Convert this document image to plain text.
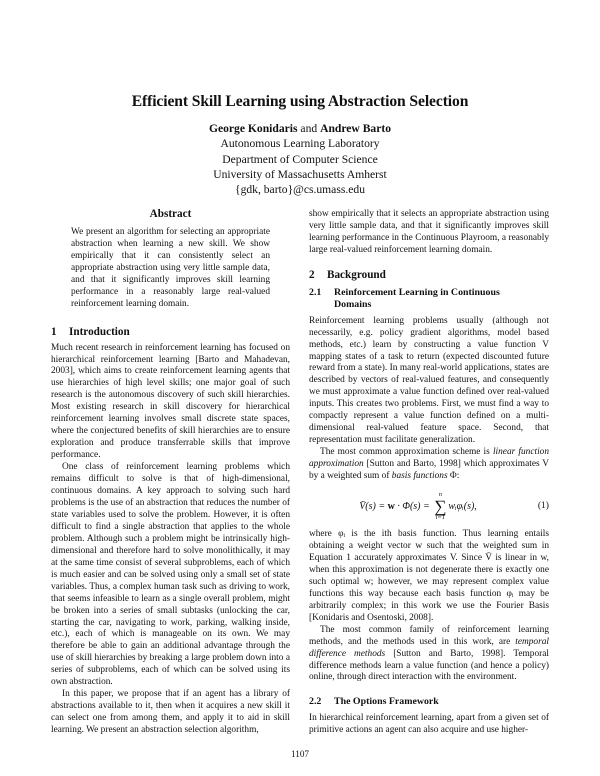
Efficient Skill Learning using Abstraction Selection
George Konidaris and Andrew Barto
Autonomous Learning Laboratory
Department of Computer Science
University of Massachusetts Amherst
{gdk, barto}@cs.umass.edu
Abstract

We present an algorithm for selecting an appropriate abstraction when learning a new skill. We show empirically that it can consistently select an appropriate abstraction using very little sample data, and that it significantly improves skill learning performance in a reasonably large real-valued reinforcement learning domain.

1 Introduction

Much recent research in reinforcement learning has focused on hierarchical reinforcement learning [Barto and Mahadevan, 2003], which aims to create reinforcement learning agents that use hierarchies of high level skills; one major goal of such research is the autonomous discovery of such skill hierarchies. Most existing research in skill discovery for hierarchical reinforcement learning involves small discrete state spaces, where the conjectured benefits of skill hierarchies are to ensure exploration and produce transferrable skills that improve performance.

One class of reinforcement learning problems which remains difficult to solve is that of high-dimensional, continuous domains. A key approach to solving such hard problems is the use of an abstraction that reduces the number of state variables used to solve the problem. However, it is often difficult to find a single abstraction that applies to the whole problem. Although such a problem might be intrinsically high-dimensional and therefore hard to solve monolithically, it may at the same time consist of several subproblems, each of which is much easier and can be solved using only a small set of state variables. Thus, a complex human task such as driving to work, that seems infeasible to learn as a single overall problem, might be broken into a series of small subtasks (unlocking the car, starting the car, navigating to work, parking, walking inside, etc.), each of which is manageable on its own. We may therefore be able to gain an additional advantage through the use of skill hierarchies by breaking a large problem down into a series of subproblems, each of which can be solved using its own abstraction.

In this paper, we propose that if an agent has a library of abstractions available to it, then when it acquires a new skill it can select one from among them, and apply it to aid in skill learning. We present an abstraction selection algorithm,

show empirically that it selects an appropriate abstraction using very little sample data, and that it significantly improves skill learning performance in the Continuous Playroom, a reasonably large real-valued reinforcement learning domain.

2 Background
2.1 Reinforcement Learning in Continuous Domains

Reinforcement learning problems usually (although not necessarily, e.g. policy gradient algorithms, model based methods, etc.) learn by constructing a value function V mapping states of a task to return (expected discounted future reward from a state). In many real-world applications, states are described by vectors of real-valued features, and consequently we must approximate a value function defined over real-valued inputs. This creates two problems. First, we must find a way to compactly represent a value function defined on a multi-dimensional real-valued feature space. Second, that representation must facilitate generalization.

The most common approximation scheme is linear function approximation [Sutton and Barto, 1998] which approximates V by a weighted sum of basis functions Φ:

V̄(s) = w · Φ(s) =
n
∑
i=1
wᵢφᵢ(s),	(1)

where φᵢ is the ith basis function. Thus learning entails obtaining a weight vector w such that the weighted sum in Equation 1 accurately approximates V. Since V̄ is linear in w, when this approximation is not degenerate there is exactly one such optimal w; however, we may represent complex value functions this way because each basis function φᵢ may be arbitrarily complex; in this work we use the Fourier Basis [Konidaris and Osentoski, 2008].

The most common family of reinforcement learning methods, and the methods used in this work, are temporal difference methods [Sutton and Barto, 1998]. Temporal difference methods learn a value function (and hence a policy) online, through direct interaction with the environment.

2.2 The Options Framework

In hierarchical reinforcement learning, apart from a given set of primitive actions an agent can also acquire and use higher-

1107
